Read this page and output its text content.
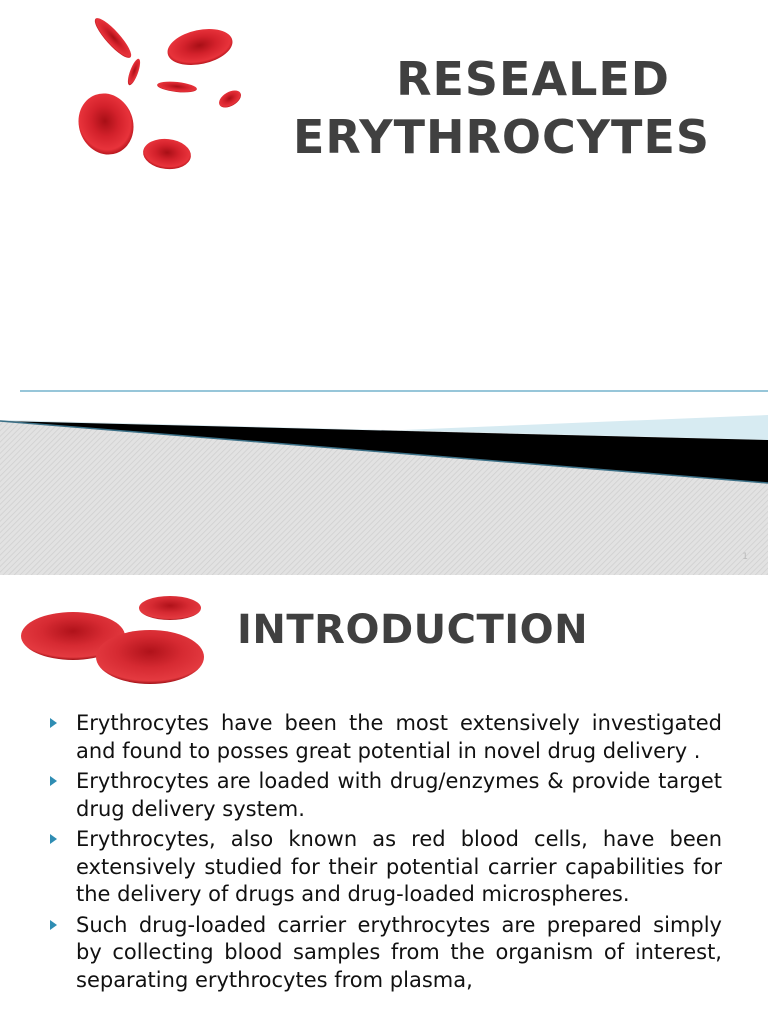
RESEALED
ERYTHROCYTES
1
INTRODUCTION
Erythrocytes have been the most extensively investigated and found to posses great potential in novel drug delivery .
Erythrocytes are loaded with drug/enzymes & provide target drug delivery system.
Erythrocytes, also known as red blood cells, have been extensively studied for their potential carrier capabilities for the delivery of drugs and drug-loaded microspheres.
Such drug-loaded carrier erythrocytes are prepared simply by collecting blood samples from the organism of interest, separating erythrocytes from plasma,
